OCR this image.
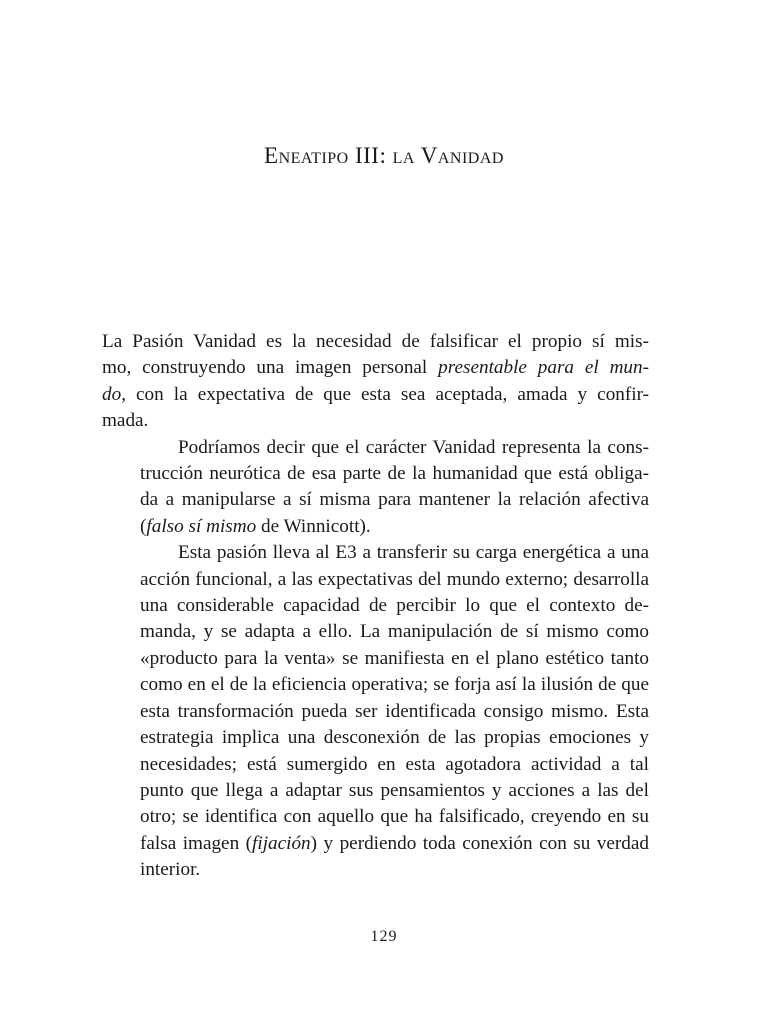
Eneatipo III: la Vanidad

La Pasión Vanidad es la necesidad de falsificar el propio sí mis-
mo, construyendo una imagen personal presentable para el mun-
do, con la expectativa de que esta sea aceptada, amada y confir-
mada.

Podríamos decir que el carácter Vanidad representa la cons-
trucción neurótica de esa parte de la humanidad que está obliga-
da a manipularse a sí misma para mantener la relación afectiva
(falso sí mismo de Winnicott).

Esta pasión lleva al E3 a transferir su carga energética a una
acción funcional, a las expectativas del mundo externo; desarrolla
una considerable capacidad de percibir lo que el contexto de-
manda, y se adapta a ello. La manipulación de sí mismo como
«producto para la venta» se manifiesta en el plano estético tanto
como en el de la eficiencia operativa; se forja así la ilusión de que
esta transformación pueda ser identificada consigo mismo. Esta
estrategia implica una desconexión de las propias emociones y
necesidades; está sumergido en esta agotadora actividad a tal
punto que llega a adaptar sus pensamientos y acciones a las del
otro; se identifica con aquello que ha falsificado, creyendo en su
falsa imagen (fijación) y perdiendo toda conexión con su verdad
interior.

129
